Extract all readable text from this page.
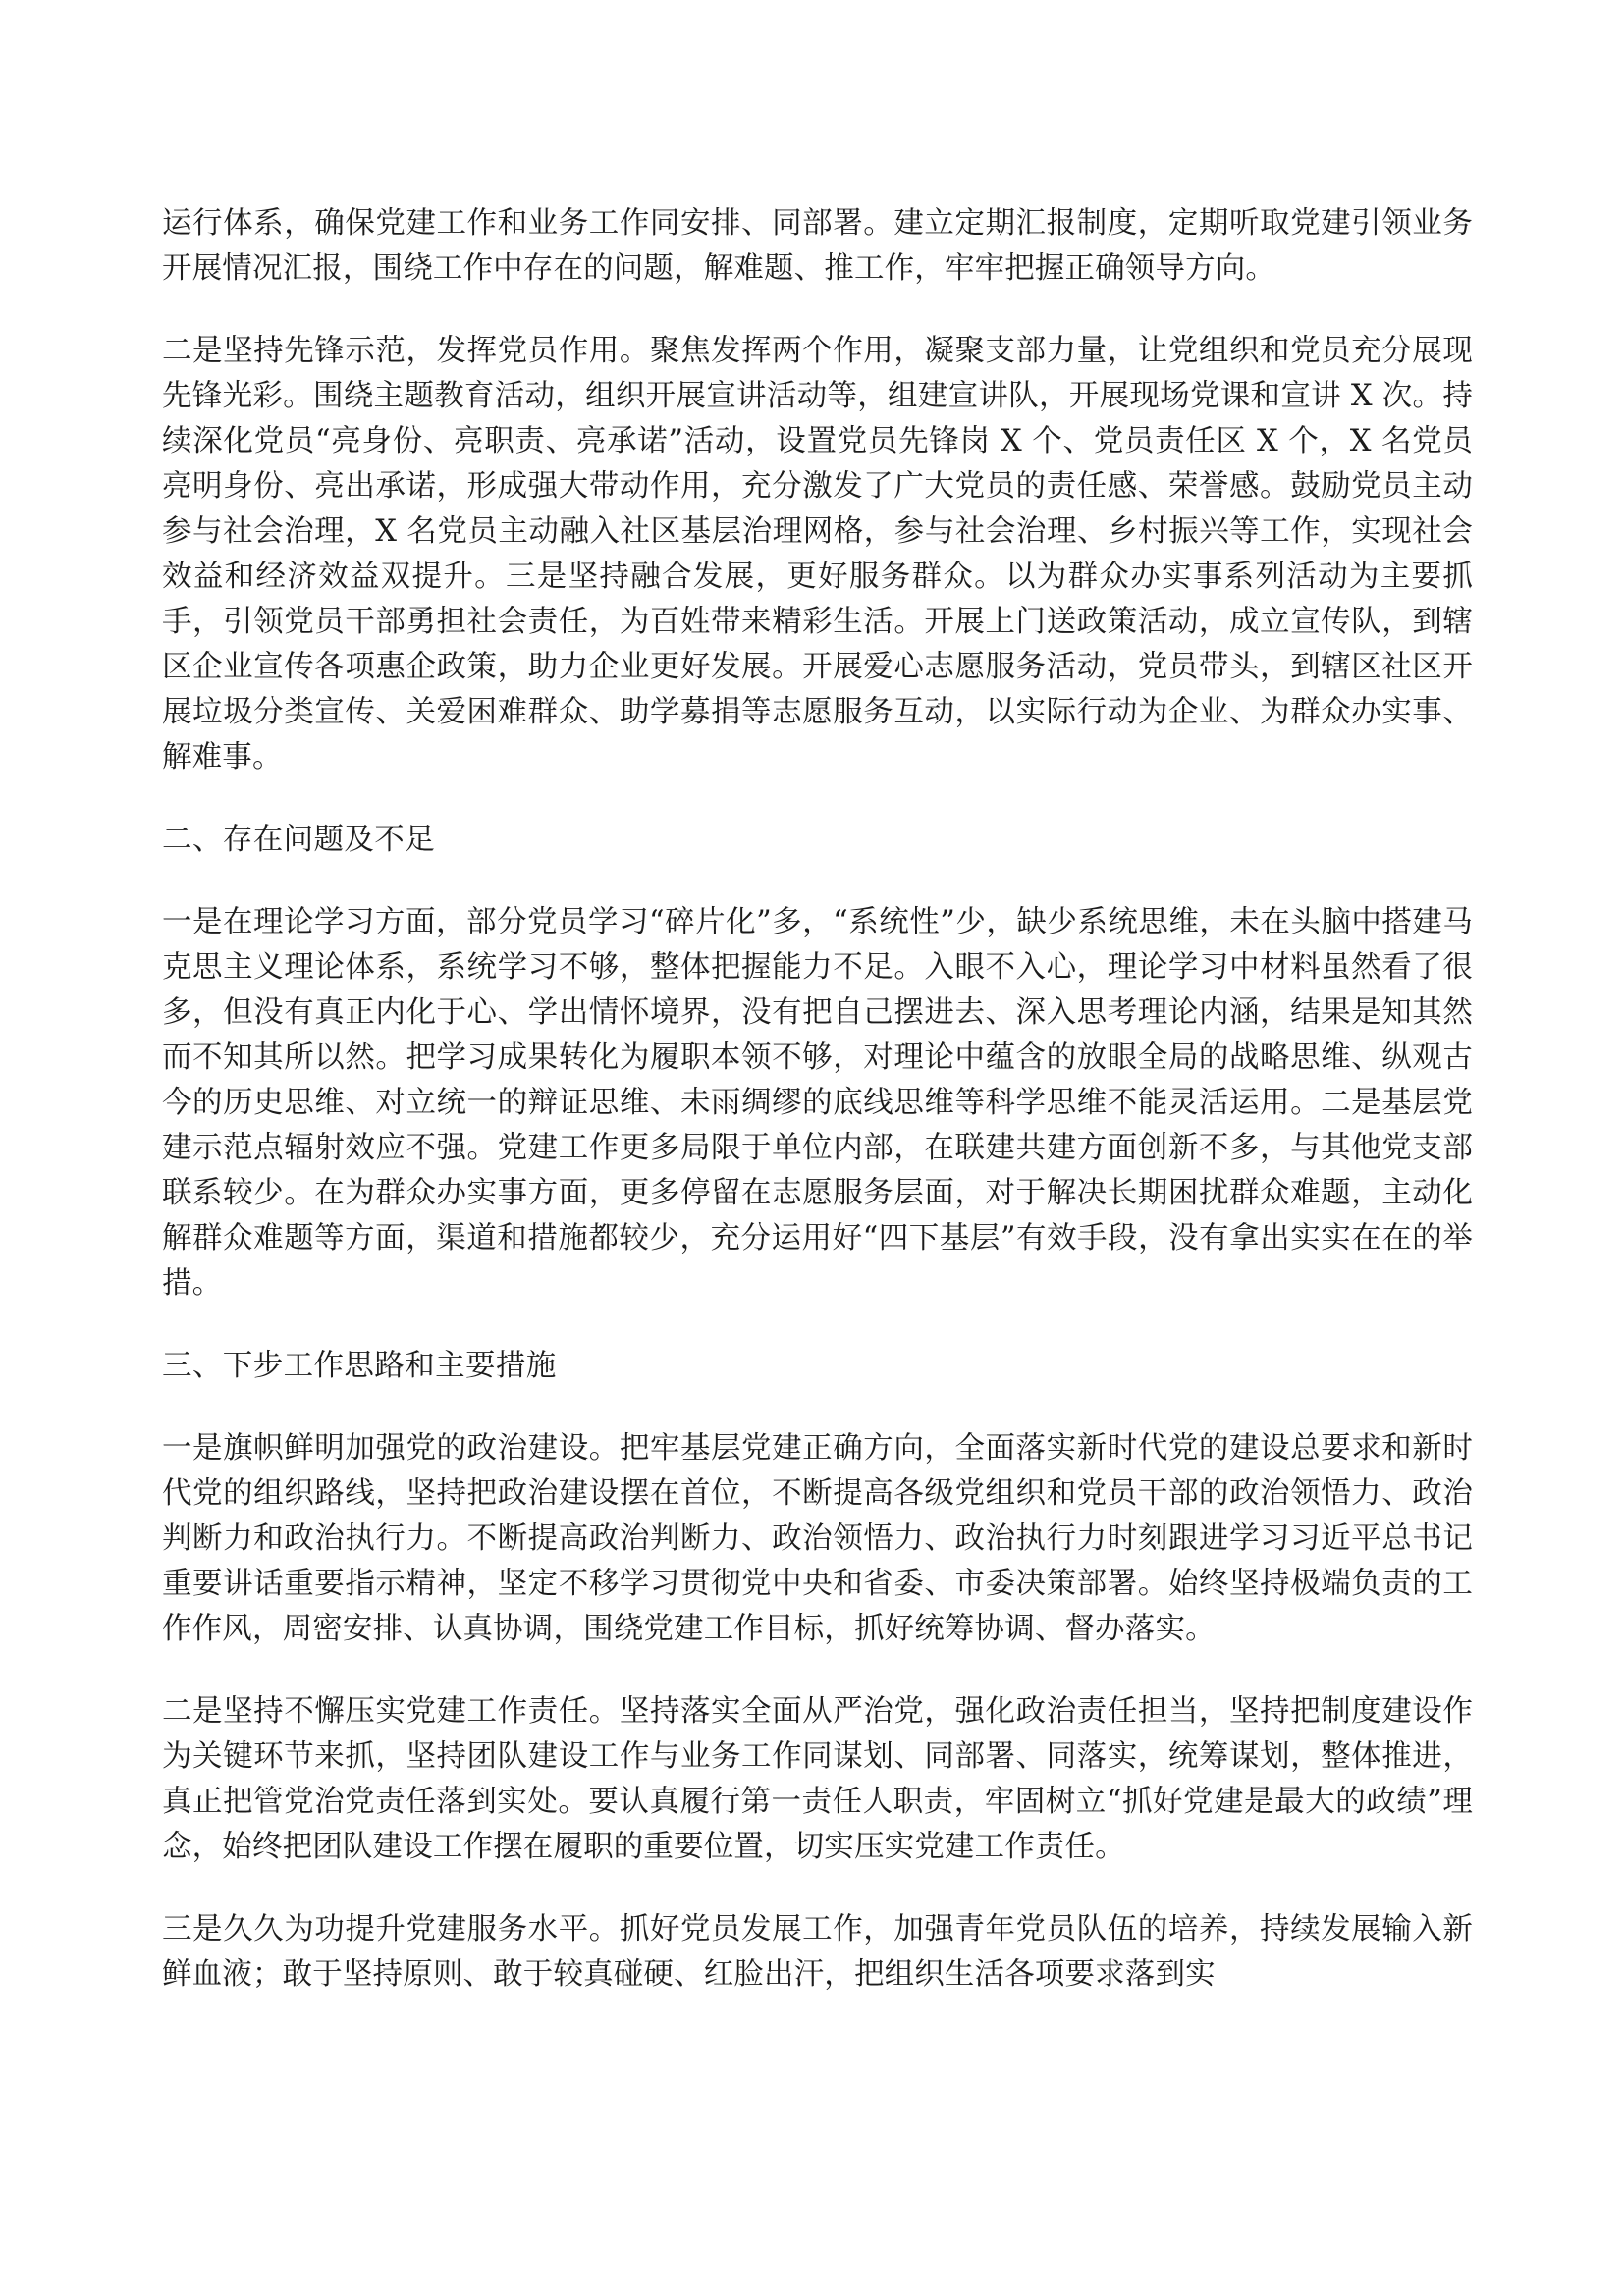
运行体系，确保党建工作和业务工作同安排、同部署。建立定期汇报制度，定期听取党建引领业务开展情况汇报，围绕工作中存在的问题，解难题、推工作，牢牢把握正确领导方向。

二是坚持先锋示范，发挥党员作用。聚焦发挥两个作用，凝聚支部力量，让党组织和党员充分展现先锋光彩。围绕主题教育活动，组织开展宣讲活动等，组建宣讲队，开展现场党课和宣讲 X 次。持续深化党员“亮身份、亮职责、亮承诺”活动，设置党员先锋岗 X 个、党员责任区 X 个，X 名党员亮明身份、亮出承诺，形成强大带动作用，充分激发了广大党员的责任感、荣誉感。鼓励党员主动参与社会治理，X 名党员主动融入社区基层治理网格，参与社会治理、乡村振兴等工作，实现社会效益和经济效益双提升。三是坚持融合发展，更好服务群众。以为群众办实事系列活动为主要抓手，引领党员干部勇担社会责任，为百姓带来精彩生活。开展上门送政策活动，成立宣传队，到辖区企业宣传各项惠企政策，助力企业更好发展。开展爱心志愿服务活动，党员带头，到辖区社区开展垃圾分类宣传、关爱困难群众、助学募捐等志愿服务互动，以实际行动为企业、为群众办实事、解难事。

二、存在问题及不足

一是在理论学习方面，部分党员学习“碎片化”多，“系统性”少，缺少系统思维，未在头脑中搭建马克思主义理论体系，系统学习不够，整体把握能力不足。入眼不入心，理论学习中材料虽然看了很多，但没有真正内化于心、学出情怀境界，没有把自己摆进去、深入思考理论内涵，结果是知其然而不知其所以然。把学习成果转化为履职本领不够，对理论中蕴含的放眼全局的战略思维、纵观古今的历史思维、对立统一的辩证思维、未雨绸缪的底线思维等科学思维不能灵活运用。二是基层党建示范点辐射效应不强。党建工作更多局限于单位内部，在联建共建方面创新不多，与其他党支部联系较少。在为群众办实事方面，更多停留在志愿服务层面，对于解决长期困扰群众难题，主动化解群众难题等方面，渠道和措施都较少，充分运用好“四下基层”有效手段，没有拿出实实在在的举措。

三、下步工作思路和主要措施

一是旗帜鲜明加强党的政治建设。把牢基层党建正确方向，全面落实新时代党的建设总要求和新时代党的组织路线，坚持把政治建设摆在首位，不断提高各级党组织和党员干部的政治领悟力、政治判断力和政治执行力。不断提高政治判断力、政治领悟力、政治执行力时刻跟进学习习近平总书记重要讲话重要指示精神，坚定不移学习贯彻党中央和省委、市委决策部署。始终坚持极端负责的工作作风，周密安排、认真协调，围绕党建工作目标，抓好统筹协调、督办落实。

二是坚持不懈压实党建工作责任。坚持落实全面从严治党，强化政治责任担当，坚持把制度建设作为关键环节来抓，坚持团队建设工作与业务工作同谋划、同部署、同落实，统筹谋划，整体推进，真正把管党治党责任落到实处。要认真履行第一责任人职责，牢固树立“抓好党建是最大的政绩”理念，始终把团队建设工作摆在履职的重要位置，切实压实党建工作责任。

三是久久为功提升党建服务水平。抓好党员发展工作，加强青年党员队伍的培养，持续发展输入新鲜血液；敢于坚持原则、敢于较真碰硬、红脸出汗，把组织生活各项要求落到实
